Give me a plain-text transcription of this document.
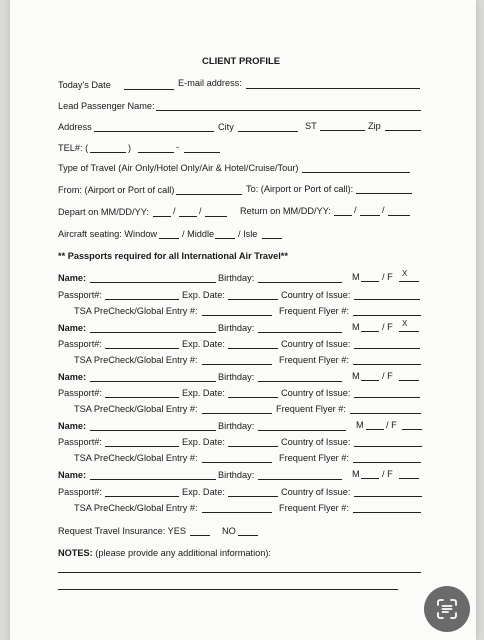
CLIENT PROFILE
Today's Date	E-mail address:
Lead Passenger Name:
Address	City	ST	Zip
TEL#: (	)	-
Type of Travel (Air Only/Hotel Only/Air & Hotel/Cruise/Tour)
From: (Airport or Port of call)	To: (Airport or Port of call):
Depart on MM/DD/YY:	/	/	Return on MM/DD/YY:	/	/
Aircraft seating: Window	/ Middle	/ Isle
** Passports required for all International Air Travel**
Name:	Birthday:	M / F X
Passport#:	Exp. Date:	Country of Issue:
TSA PreCheck/Global Entry #:	Frequent Flyer #:
Name:	Birthday:	M / F X
Passport#:	Exp. Date:	Country of Issue:
TSA PreCheck/Global Entry #:	Frequent Flyer #:
Name:	Birthday:	M / F
Passport#:	Exp. Date:	Country of Issue:
TSA PreCheck/Global Entry #:	Frequent Flyer #:
Name:	Birthday:	M / F
Passport#:	Exp. Date:	Country of Issue:
TSA PreCheck/Global Entry #:	Frequent Flyer #:
Name:	Birthday:	M / F
Passport#:	Exp. Date:	Country of Issue:
TSA PreCheck/Global Entry #:	Frequent Flyer #:
Request Travel Insurance: YES	NO
NOTES: (please provide any additional information):
